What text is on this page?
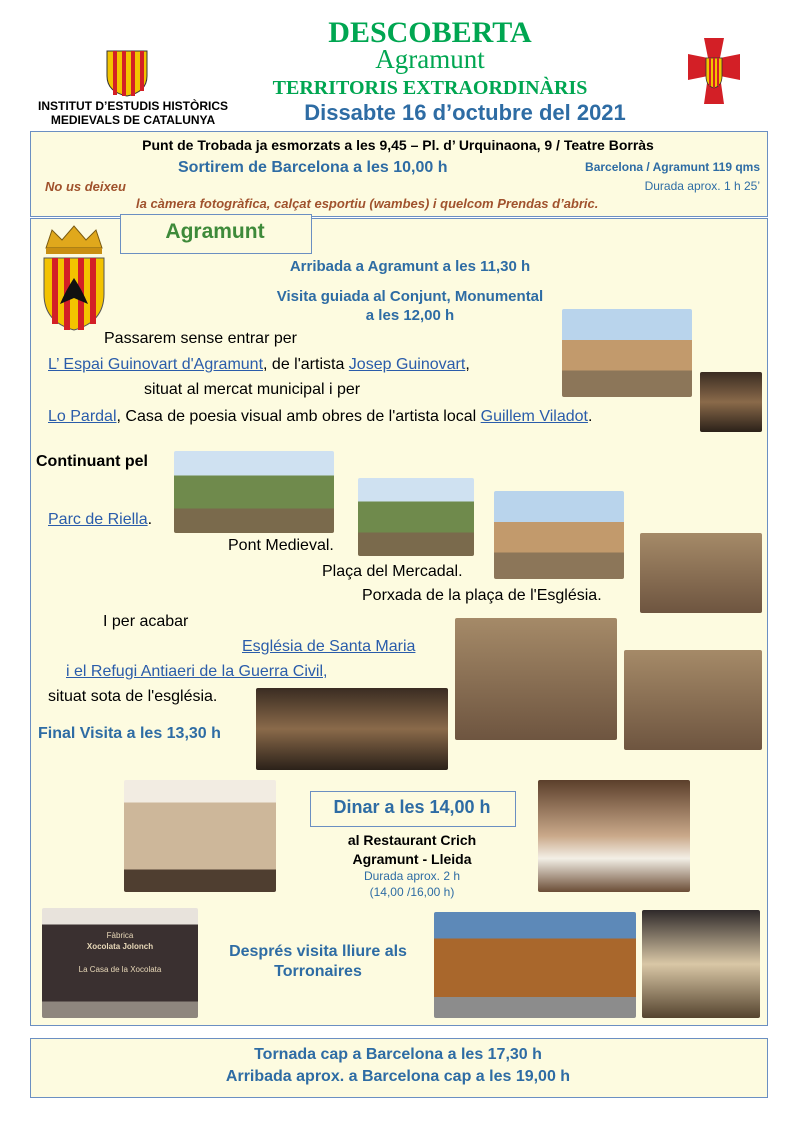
INSTITUT D’ESTUDIS HISTÒRICS
MEDIEVALS DE CATALUNYA
DESCOBERTA
Agramunt
TERRITORIS EXTRAORDINÀRIS
Dissabte 16 d’octubre del 2021
Punt de Trobada ja esmorzats a les 9,45 – Pl. d’ Urquinaona, 9 / Teatre Borràs
Sortirem de Barcelona a les 10,00 h	Barcelona / Agramunt 119 qms
Durada aprox. 1 h 25’
No us deixeu
la càmera fotogràfica, calçat esportiu (wambes) i quelcom Prendas d’abric.
Agramunt
Arribada a Agramunt a les 11,30 h
Visita guiada al Conjunt, Monumental
a les 12,00 h
Passarem sense entrar per
L’ Espai Guinovart d'Agramunt, de l'artista Josep Guinovart,
situat al mercat municipal i per
Lo Pardal, Casa de poesia visual amb obres de l'artista local Guillem Viladot.
Continuant pel
Parc de Riella.
Pont Medieval.
Plaça del Mercadal.
Porxada de la plaça de l'Església.
I per acabar
Església de Santa Maria
i el Refugi Antiaeri de la Guerra Civil,
situat sota de l'església.
Final Visita a les 13,30 h
Dinar a les 14,00 h
al Restaurant Crich
Agramunt - Lleida
Durada aprox. 2 h
(14,00 /16,00 h)
Fàbrica
Xocolata Jolonch
La Casa de la Xocolata
Després visita lliure als
Torronaires
Tornada cap a Barcelona a les 17,30 h
Arribada aprox. a Barcelona cap a les 19,00 h
